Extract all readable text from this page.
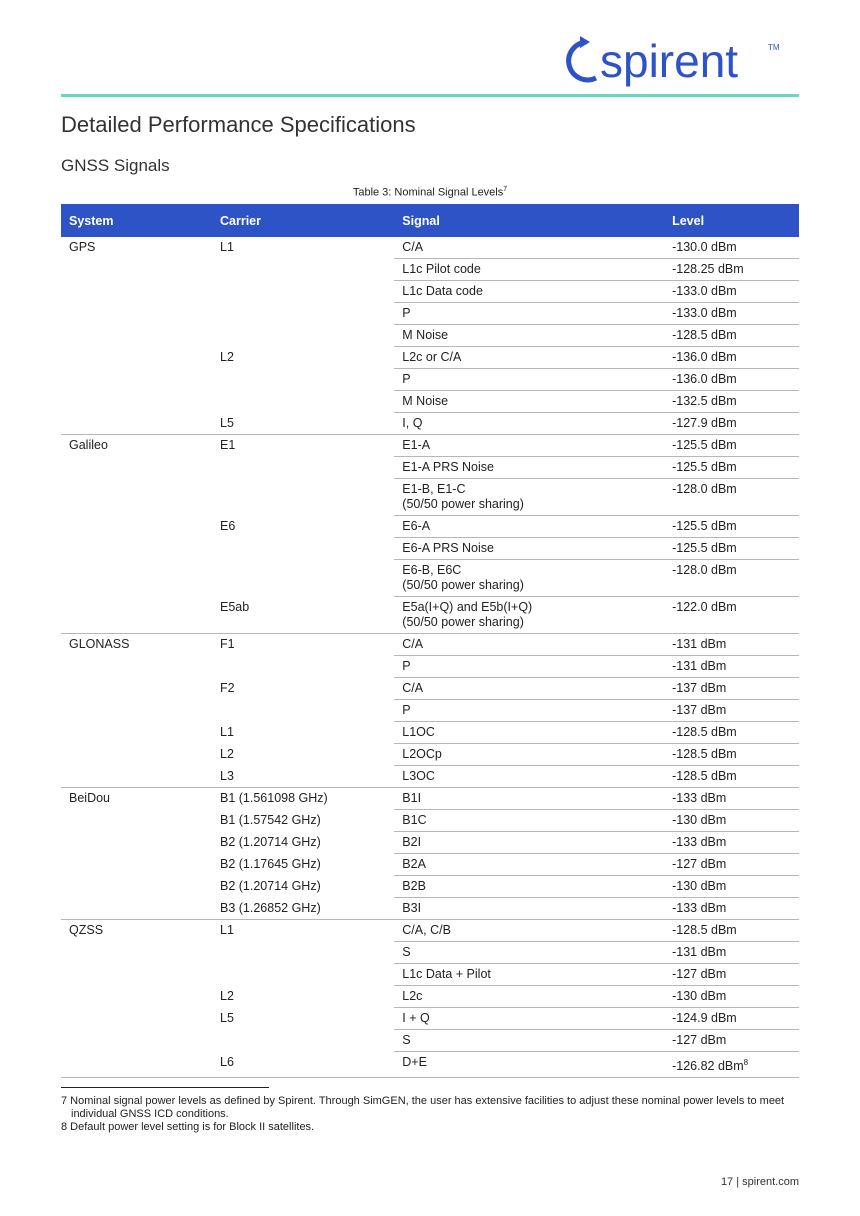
spirent	TM
Detailed Performance Specifications
GNSS Signals
Table 3: Nominal Signal Levels$^7$
System	Carrier	Signal	Level
GPS	L1	C/A	-130.0 dBm
		L1c Pilot code	-128.25 dBm
		L1c Data code	-133.0 dBm
		P	-133.0 dBm
		M Noise	-128.5 dBm
	L2	L2c or C/A	-136.0 dBm
		P	-136.0 dBm
		M Noise	-132.5 dBm
	L5	I, Q	-127.9 dBm
Galileo	E1	E1-A	-125.5 dBm
		E1-A PRS Noise	-125.5 dBm
		E1-B, E1-C
(50/50 power sharing)	-128.0 dBm
	E6	E6-A	-125.5 dBm
		E6-A PRS Noise	-125.5 dBm
		E6-B, E6C
(50/50 power sharing)	-128.0 dBm
	E5ab	E5a(I+Q) and E5b(I+Q)
(50/50 power sharing)	-122.0 dBm
GLONASS	F1	C/A	-131 dBm
		P	-131 dBm
	F2	C/A	-137 dBm
		P	-137 dBm
	L1	L1OC	-128.5 dBm
	L2	L2OCp	-128.5 dBm
	L3	L3OC	-128.5 dBm
BeiDou	B1 (1.561098 GHz)	B1I	-133 dBm
	B1 (1.57542 GHz)	B1C	-130 dBm
	B2 (1.20714 GHz)	B2I	-133 dBm
	B2 (1.17645 GHz)	B2A	-127 dBm
	B2 (1.20714 GHz)	B2B	-130 dBm
	B3 (1.26852 GHz)	B3I	-133 dBm
QZSS	L1	C/A, C/B	-128.5 dBm
		S	-131 dBm
		L1c Data + Pilot	-127 dBm
	L2	L2c	-130 dBm
	L5	I + Q	-124.9 dBm
		S	-127 dBm
	L6	D+E	-126.82 dBm$^8$
7 Nominal signal power levels as defined by Spirent. Through SimGEN, the user has extensive facilities to adjust these nominal power levels to meet individual GNSS ICD conditions.
8 Default power level setting is for Block II satellites.
17 | spirent.com
